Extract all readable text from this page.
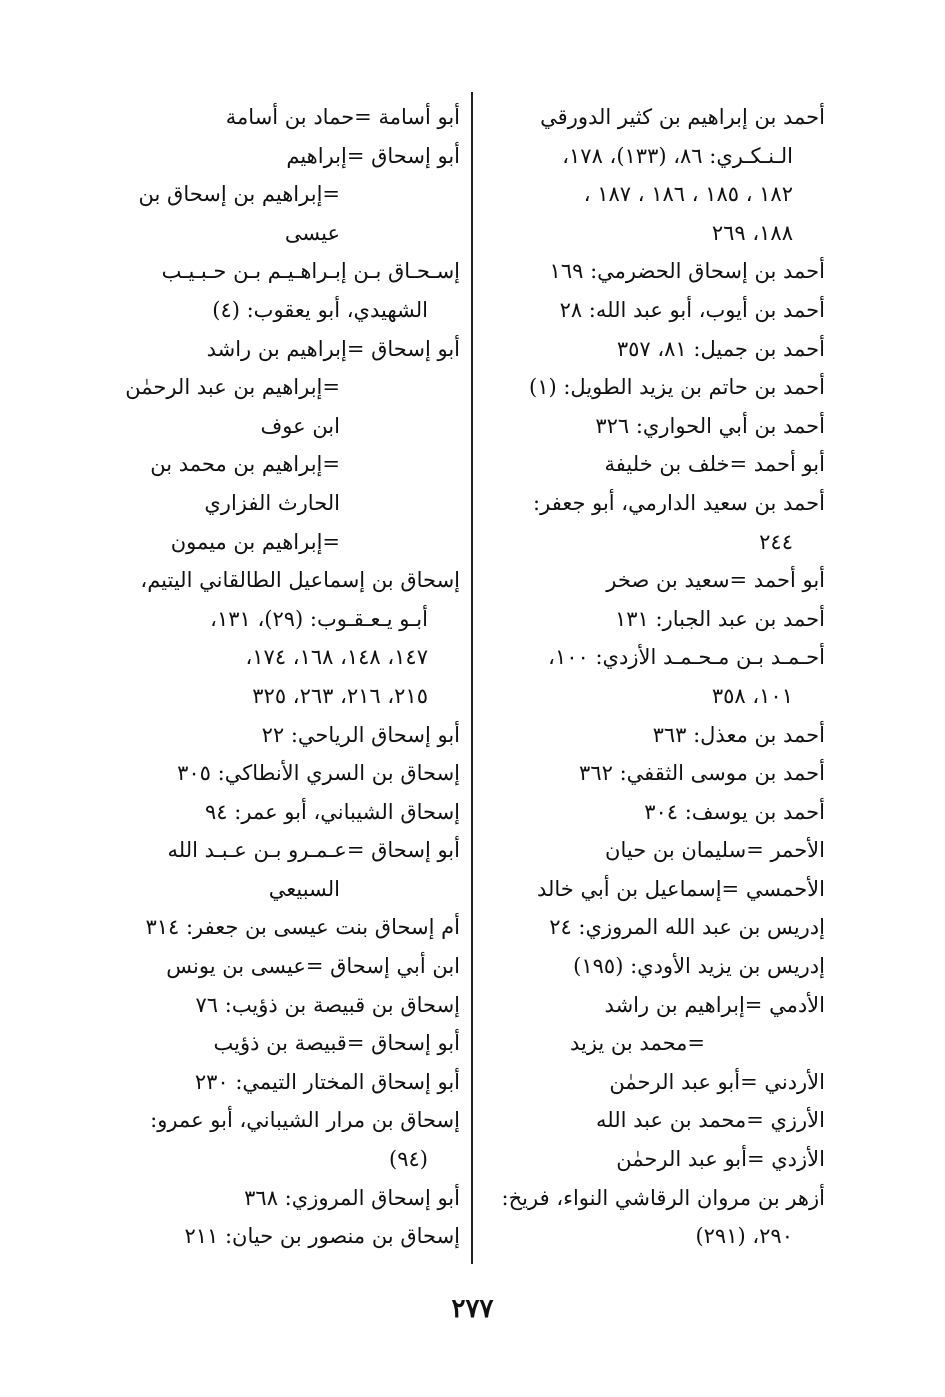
أحمد بن إبراهيم بن كثير الدورقي
الـنـكـري: ٨٦، (١٣٣)، ١٧٨،
١٨٢ ، ١٨٥ ، ١٨٦ ، ١٨٧ ،
١٨٨، ٢٦٩
أحمد بن إسحاق الحضرمي: ١٦٩
أحمد بن أيوب، أبو عبد الله: ٢٨
أحمد بن جميل: ٨١، ٣٥٧
أحمد بن حاتم بن يزيد الطويل: (١)
أحمد بن أبي الحواري: ٣٢٦
أبو أحمد =خلف بن خليفة
أحمد بن سعيد الدارمي، أبو جعفر:
٢٤٤
أبو أحمد =سعيد بن صخر
أحمد بن عبد الجبار: ١٣١
أحـمـد بـن مـحـمـد الأزدي: ١٠٠،
١٠١، ٣٥٨
أحمد بن معذل: ٣٦٣
أحمد بن موسى الثقفي: ٣٦٢
أحمد بن يوسف: ٣٠٤
الأحمر =سليمان بن حيان
الأحمسي =إسماعيل بن أبي خالد
إدريس بن عبد الله المروزي: ٢٤
إدريس بن يزيد الأودي: (١٩٥)
الأدمي =إبراهيم بن راشد
=محمد بن يزيد
الأردني =أبو عبد الرحمٰن
الأرزي =محمد بن عبد الله
الأزدي =أبو عبد الرحمٰن
أزهر بن مروان الرقاشي النواء، فريخ:
٢٩٠، (٢٩١)
أبو أسامة =حماد بن أسامة
أبو إسحاق =إبراهيم
=إبراهيم بن إسحاق بن
عيسى
إسـحـاق بـن إبـراهـيـم بـن حـبـيـب
الشهيدي، أبو يعقوب: (٤)
أبو إسحاق =إبراهيم بن راشد
=إبراهيم بن عبد الرحمٰن
ابن عوف
=إبراهيم بن محمد بن
الحارث الفزاري
=إبراهيم بن ميمون
إسحاق بن إسماعيل الطالقاني اليتيم،
أبـو يـعـقـوب: (٢٩)، ١٣١،
١٤٧، ١٤٨، ١٦٨، ١٧٤،
٢١٥، ٢١٦، ٢٦٣، ٣٢٥
أبو إسحاق الرياحي: ٢٢
إسحاق بن السري الأنطاكي: ٣٠٥
إسحاق الشيباني، أبو عمر: ٩٤
أبو إسحاق =عـمـرو بـن عـبـد الله
السبيعي
أم إسحاق بنت عيسى بن جعفر: ٣١٤
ابن أبي إسحاق =عيسى بن يونس
إسحاق بن قبيصة بن ذؤيب: ٧٦
أبو إسحاق =قبيصة بن ذؤيب
أبو إسحاق المختار التيمي: ٢٣٠
إسحاق بن مرار الشيباني، أبو عمرو:
(٩٤)
أبو إسحاق المروزي: ٣٦٨
إسحاق بن منصور بن حيان: ٢١١
٢٧٧
